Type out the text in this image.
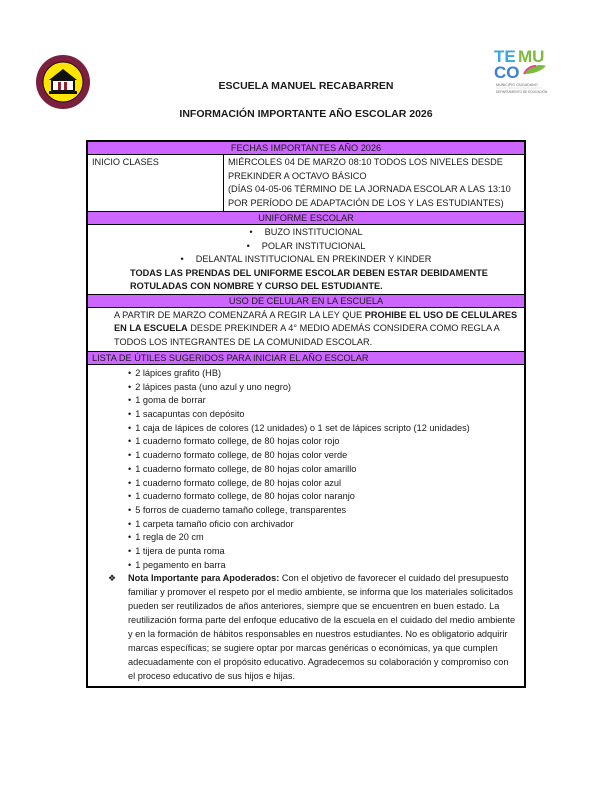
TE MU
CO
MUNICIPIO CIUDADANO
DEPARTAMENTO DE EDUCACIÓN
ESCUELA MANUEL RECABARREN
INFORMACIÓN IMPORTANTE AÑO ESCOLAR 2026
FECHAS IMPORTANTES AÑO 2026
INICIO CLASES	MIÉRCOLES 04 DE MARZO 08:10 TODOS LOS NIVELES DESDE PREKINDER A OCTAVO BÁSICO
(DÍAS 04-05-06 TÉRMINO DE LA JORNADA ESCOLAR A LAS 13:10 POR PERÍODO DE ADAPTACIÓN DE LOS Y LAS ESTUDIANTES)
UNIFORME ESCOLAR
• BUZO INSTITUCIONAL
• POLAR INSTITUCIONAL
• DELANTAL INSTITUCIONAL EN PREKINDER Y KINDER
TODAS LAS PRENDAS DEL UNIFORME ESCOLAR DEBEN ESTAR DEBIDAMENTE ROTULADAS CON NOMBRE Y CURSO DEL ESTUDIANTE.
USO DE CELULAR EN LA ESCUELA
A PARTIR DE MARZO COMENZARÁ A REGIR LA LEY QUE PROHIBE EL USO DE CELULARES EN LA ESCUELA DESDE PREKINDER A 4° MEDIO ADEMÁS CONSIDERA COMO REGLA A TODOS LOS INTEGRANTES DE LA COMUNIDAD ESCOLAR.
LISTA DE ÚTILES SUGERIDOS PARA INICIAR EL AÑO ESCOLAR
• 2 lápices grafito (HB)
• 2 lápices pasta (uno azul y uno negro)
• 1 goma de borrar
• 1 sacapuntas con depósito
• 1 caja de lápices de colores (12 unidades) o 1 set de lápices scripto (12 unidades)
• 1 cuaderno formato college, de 80 hojas color rojo
• 1 cuaderno formato college, de 80 hojas color verde
• 1 cuaderno formato college, de 80 hojas color amarillo
• 1 cuaderno formato college, de 80 hojas color azul
• 1 cuaderno formato college, de 80 hojas color naranjo
• 5 forros de cuaderno tamaño college, transparentes
• 1 carpeta tamaño oficio con archivador
• 1 regla de 20 cm
• 1 tijera de punta roma
• 1 pegamento en barra
❖	Nota Importante para Apoderados: Con el objetivo de favorecer el cuidado del presupuesto familiar y promover el respeto por el medio ambiente, se informa que los materiales solicitados pueden ser reutilizados de años anteriores, siempre que se encuentren en buen estado. La reutilización forma parte del enfoque educativo de la escuela en el cuidado del medio ambiente y en la formación de hábitos responsables en nuestros estudiantes. No es obligatorio adquirir marcas específicas; se sugiere optar por marcas genéricas o económicas, ya que cumplen adecuadamente con el propósito educativo. Agradecemos su colaboración y compromiso con el proceso educativo de sus hijos e hijas.
